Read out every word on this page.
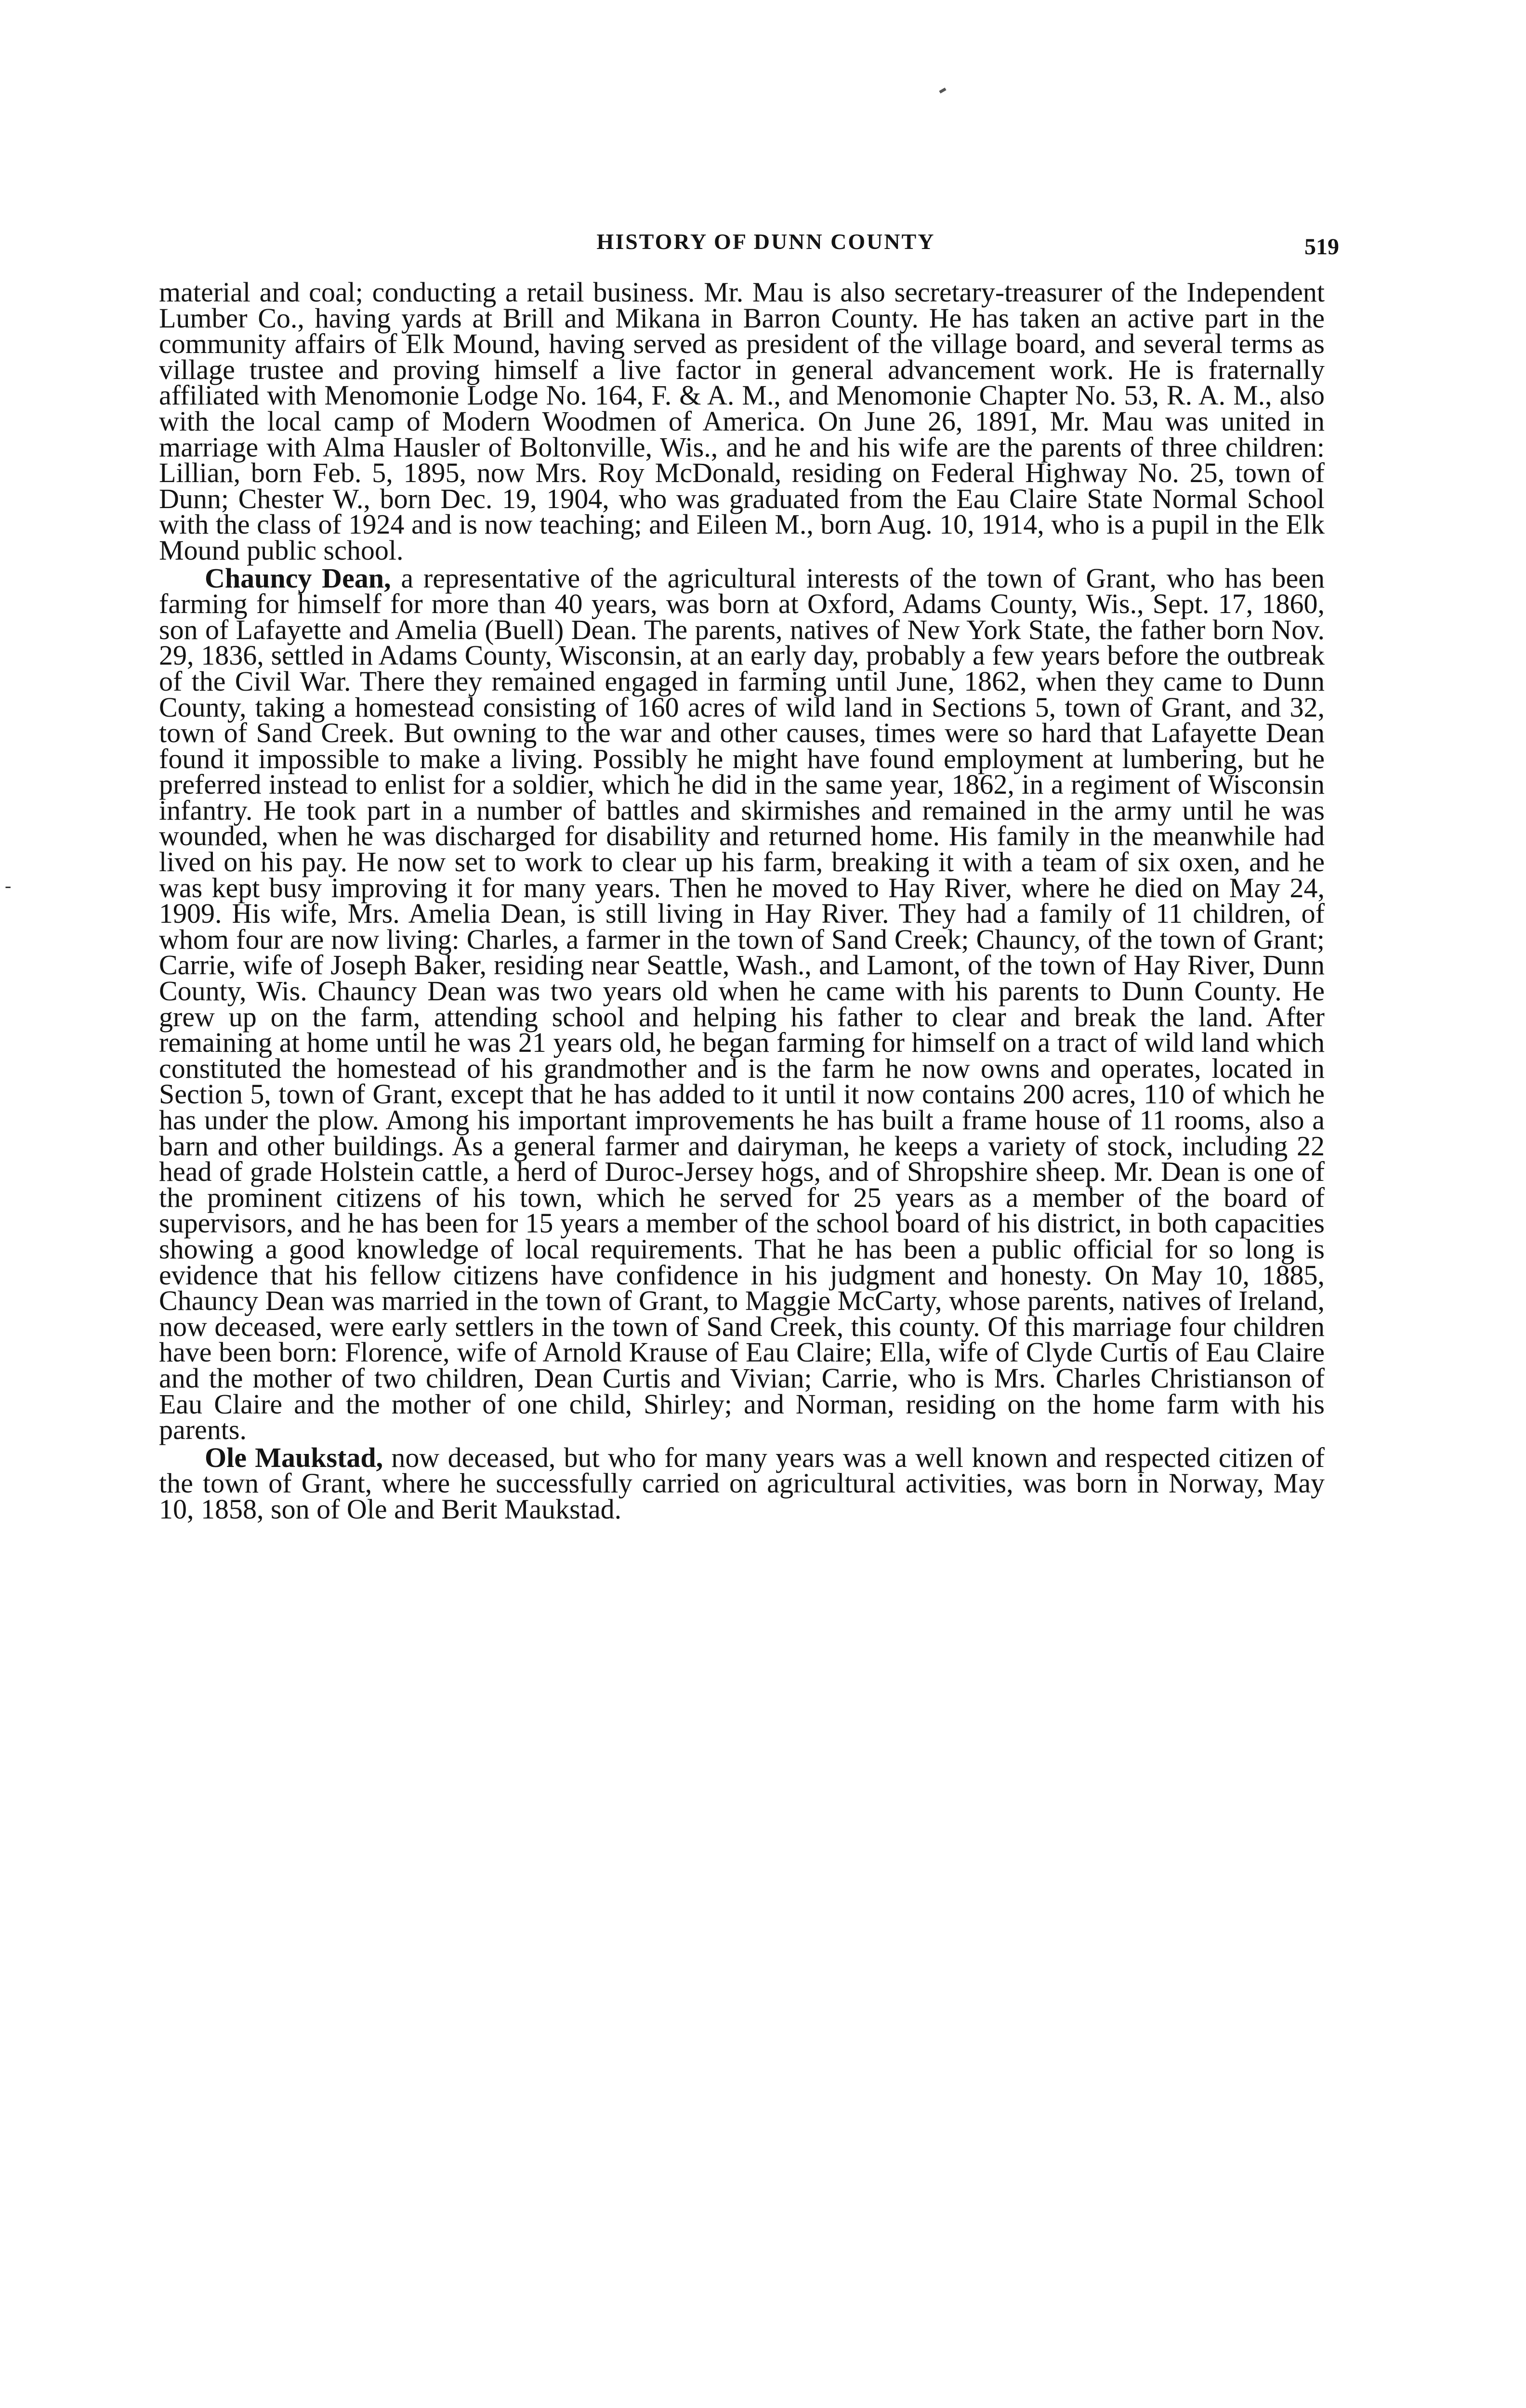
-
HISTORY OF DUNN COUNTY	519

material and coal; conducting a retail business. Mr. Mau is also secretary-treasurer of the Independent Lumber Co., having yards at Brill and Mikana in Barron County. He has taken an active part in the community affairs of Elk Mound, having served as president of the village board, and several terms as village trustee and proving himself a live factor in general advancement work. He is fraternally affiliated with Menomonie Lodge No. 164, F. & A. M., and Menomonie Chapter No. 53, R. A. M., also with the local camp of Modern Woodmen of America. On June 26, 1891, Mr. Mau was united in marriage with Alma Hausler of Boltonville, Wis., and he and his wife are the parents of three children: Lillian, born Feb. 5, 1895, now Mrs. Roy McDonald, residing on Federal Highway No. 25, town of Dunn; Chester W., born Dec. 19, 1904, who was graduated from the Eau Claire State Normal School with the class of 1924 and is now teaching; and Eileen M., born Aug. 10, 1914, who is a pupil in the Elk Mound public school.

Chauncy Dean, a representative of the agricultural interests of the town of Grant, who has been farming for himself for more than 40 years, was born at Oxford, Adams County, Wis., Sept. 17, 1860, son of Lafayette and Amelia (Buell) Dean. The parents, natives of New York State, the father born Nov. 29, 1836, settled in Adams County, Wisconsin, at an early day, probably a few years before the outbreak of the Civil War. There they remained engaged in farming until June, 1862, when they came to Dunn County, taking a homestead consisting of 160 acres of wild land in Sections 5, town of Grant, and 32, town of Sand Creek. But owning to the war and other causes, times were so hard that Lafayette Dean found it impossible to make a living. Possibly he might have found employment at lumbering, but he preferred instead to enlist for a soldier, which he did in the same year, 1862, in a regiment of Wisconsin infantry. He took part in a number of battles and skirmishes and remained in the army until he was wounded, when he was discharged for disability and returned home. His family in the meanwhile had lived on his pay. He now set to work to clear up his farm, breaking it with a team of six oxen, and he was kept busy improving it for many years. Then he moved to Hay River, where he died on May 24, 1909. His wife, Mrs. Amelia Dean, is still living in Hay River. They had a family of 11 children, of whom four are now living: Charles, a farmer in the town of Sand Creek; Chauncy, of the town of Grant; Carrie, wife of Joseph Baker, residing near Seattle, Wash., and Lamont, of the town of Hay River, Dunn County, Wis. Chauncy Dean was two years old when he came with his parents to Dunn County. He grew up on the farm, attending school and helping his father to clear and break the land. After remaining at home until he was 21 years old, he began farming for himself on a tract of wild land which constituted the homestead of his grandmother and is the farm he now owns and operates, located in Section 5, town of Grant, except that he has added to it until it now contains 200 acres, 110 of which he has under the plow. Among his important improvements he has built a frame house of 11 rooms, also a barn and other buildings. As a general farmer and dairyman, he keeps a variety of stock, including 22 head of grade Holstein cattle, a herd of Duroc-Jersey hogs, and of Shropshire sheep. Mr. Dean is one of the prominent citizens of his town, which he served for 25 years as a member of the board of supervisors, and he has been for 15 years a member of the school board of his district, in both capacities showing a good knowledge of local requirements. That he has been a public official for so long is evidence that his fellow citizens have confidence in his judgment and honesty. On May 10, 1885, Chauncy Dean was married in the town of Grant, to Maggie McCarty, whose parents, natives of Ireland, now deceased, were early settlers in the town of Sand Creek, this county. Of this marriage four children have been born: Florence, wife of Arnold Krause of Eau Claire; Ella, wife of Clyde Curtis of Eau Claire and the mother of two children, Dean Curtis and Vivian; Carrie, who is Mrs. Charles Christianson of Eau Claire and the mother of one child, Shirley; and Norman, residing on the home farm with his parents.

Ole Maukstad, now deceased, but who for many years was a well known and respected citizen of the town of Grant, where he successfully carried on agricultural activities, was born in Norway, May 10, 1858, son of Ole and Berit Maukstad.
